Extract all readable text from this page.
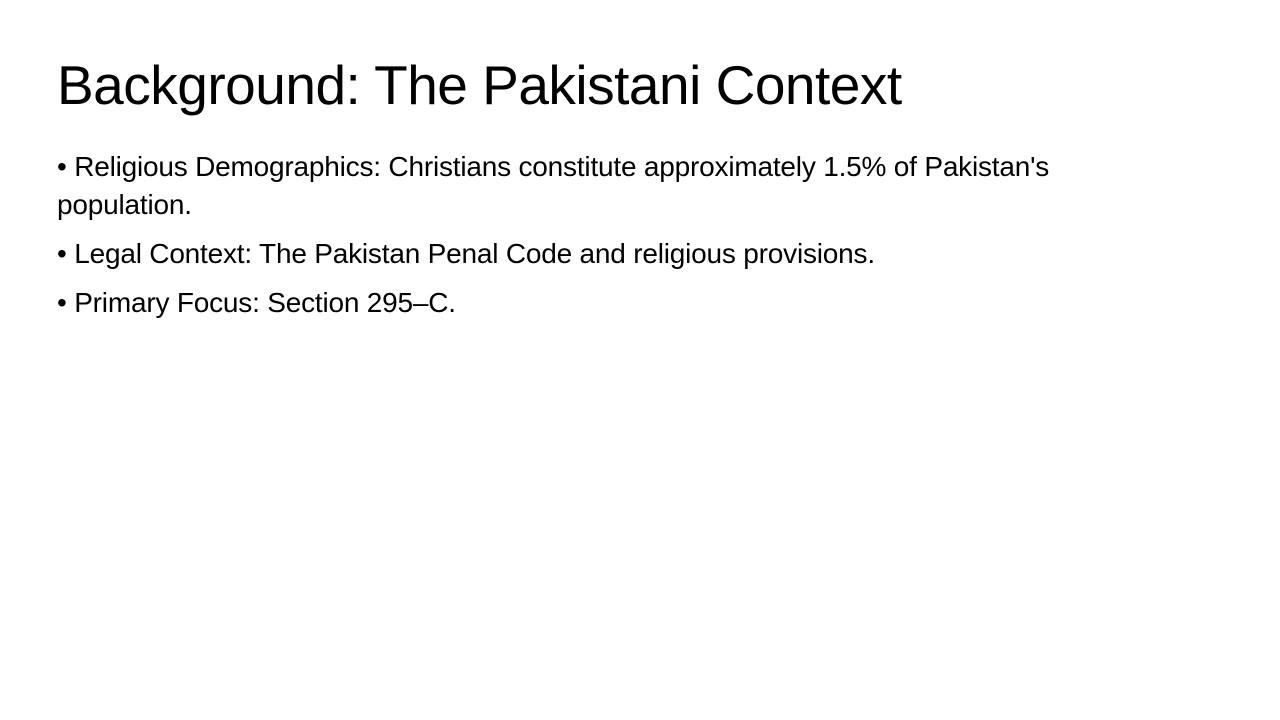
Background: The Pakistani Context

• Religious Demographics: Christians constitute approximately 1.5% of Pakistan's population.

• Legal Context: The Pakistan Penal Code and religious provisions.

• Primary Focus: Section 295–C.
